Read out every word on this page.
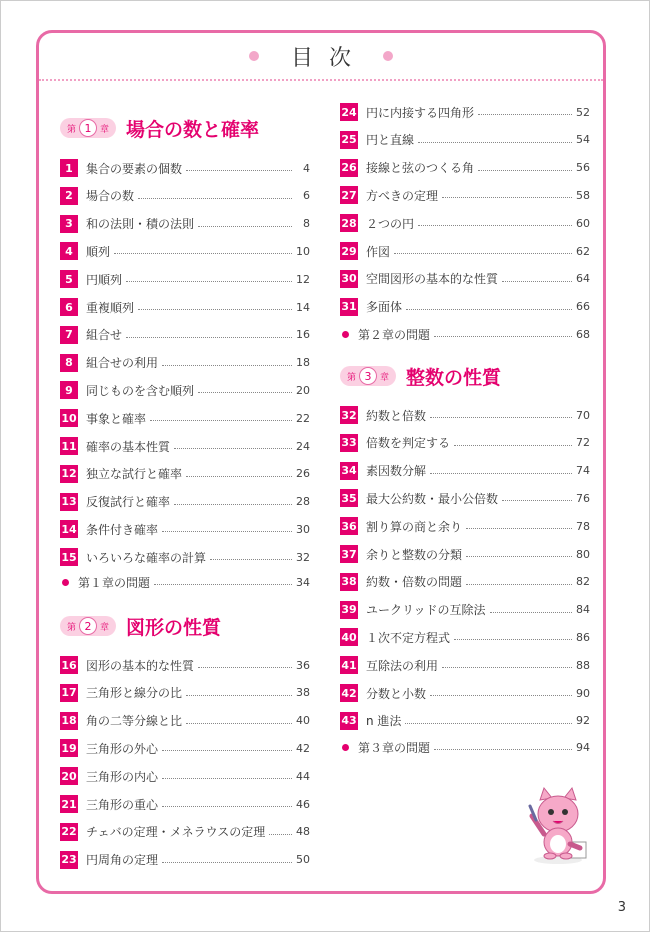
目次
第 1 章 場合の数と確率
1	集合の要素の個数	4
2	場合の数	6
3	和の法則・積の法則	8
4	順列	10
5	円順列	12
6	重複順列	14
7	組合せ	16
8	組合せの利用	18
9	同じものを含む順列	20
10 事象と確率	22
11 確率の基本性質	24
12 独立な試行と確率	26
13 反復試行と確率	28
14 条件付き確率	30
15 いろいろな確率の計算	32
第１章の問題	34
第 2 章 図形の性質
16 図形の基本的な性質	36
17 三角形と線分の比	38
18 角の二等分線と比	40
19 三角形の外心	42
20 三角形の内心	44
21 三角形の重心	46
22 チェバの定理・メネラウスの定理	48
23 円周角の定理	50
24 円に内接する四角形	52
25 円と直線	54
26 接線と弦のつくる角	56
27 方べきの定理	58
28 ２つの円	60
29 作図	62
30 空間図形の基本的な性質	64
31 多面体	66
第２章の問題	68
第 3 章 整数の性質
32 約数と倍数	70
33 倍数を判定する	72
34 素因数分解	74
35 最大公約数・最小公倍数	76
36 割り算の商と余り	78
37 余りと整数の分類	80
38 約数・倍数の問題	82
39 ユークリッドの互除法	84
40 １次不定方程式	86
41 互除法の利用	88
42 分数と小数	90
43 n 進法	92
第３章の問題	94
3
